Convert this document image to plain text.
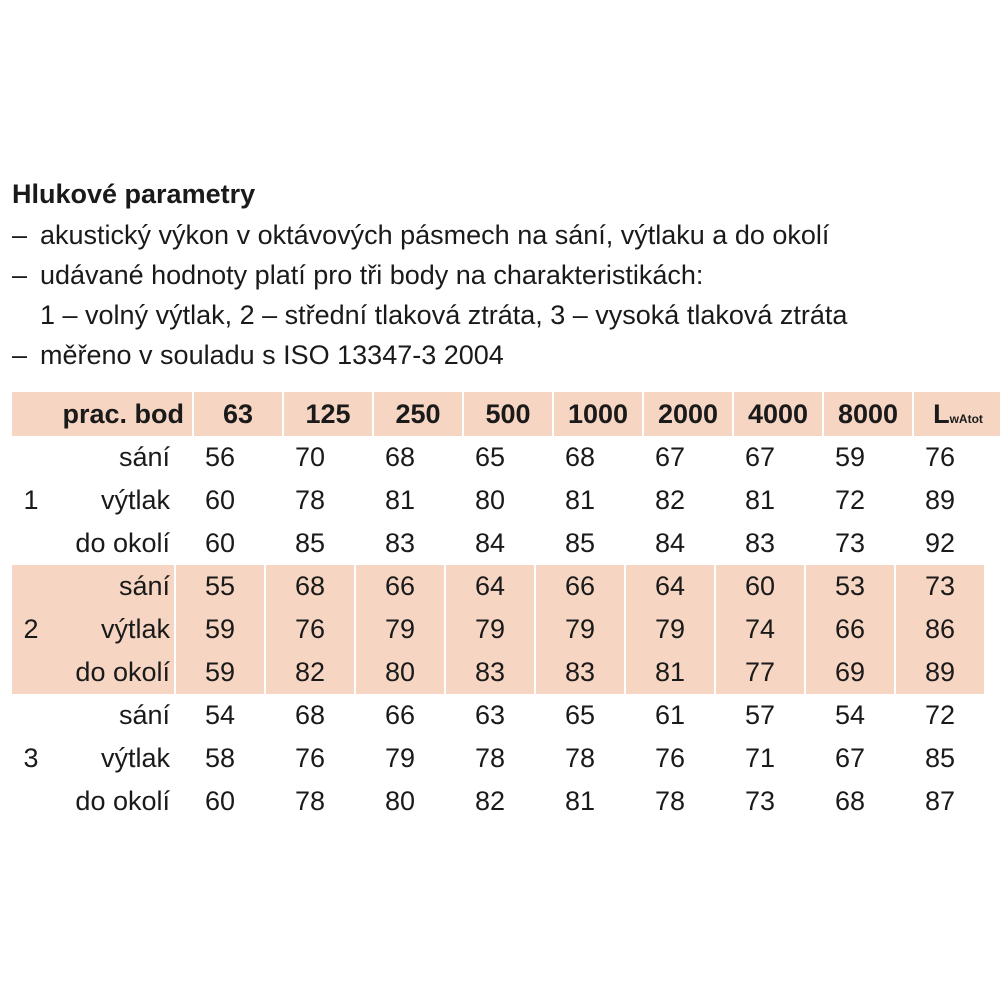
Hlukové parametry
– akustický výkon v oktávových pásmech na sání, výtlaku a do okolí
– udávané hodnoty platí pro tři body na charakteristikách:
1 – volný výtlak, 2 – střední tlaková ztráta, 3 – vysoká tlaková ztráta
– měřeno v souladu s ISO 13347-3 2004
prac. bod	63	125	250	500	1000	2000	4000	8000	L wAtot
1
sání	56	70	68	65	68	67	67	59	76
výtlak	60	78	81	80	81	82	81	72	89
do okolí	60	85	83	84	85	84	83	73	92
2
sání	55	68	66	64	66	64	60	53	73
výtlak	59	76	79	79	79	79	74	66	86
do okolí	59	82	80	83	83	81	77	69	89
3
sání	54	68	66	63	65	61	57	54	72
výtlak	58	76	79	78	78	76	71	67	85
do okolí	60	78	80	82	81	78	73	68	87
